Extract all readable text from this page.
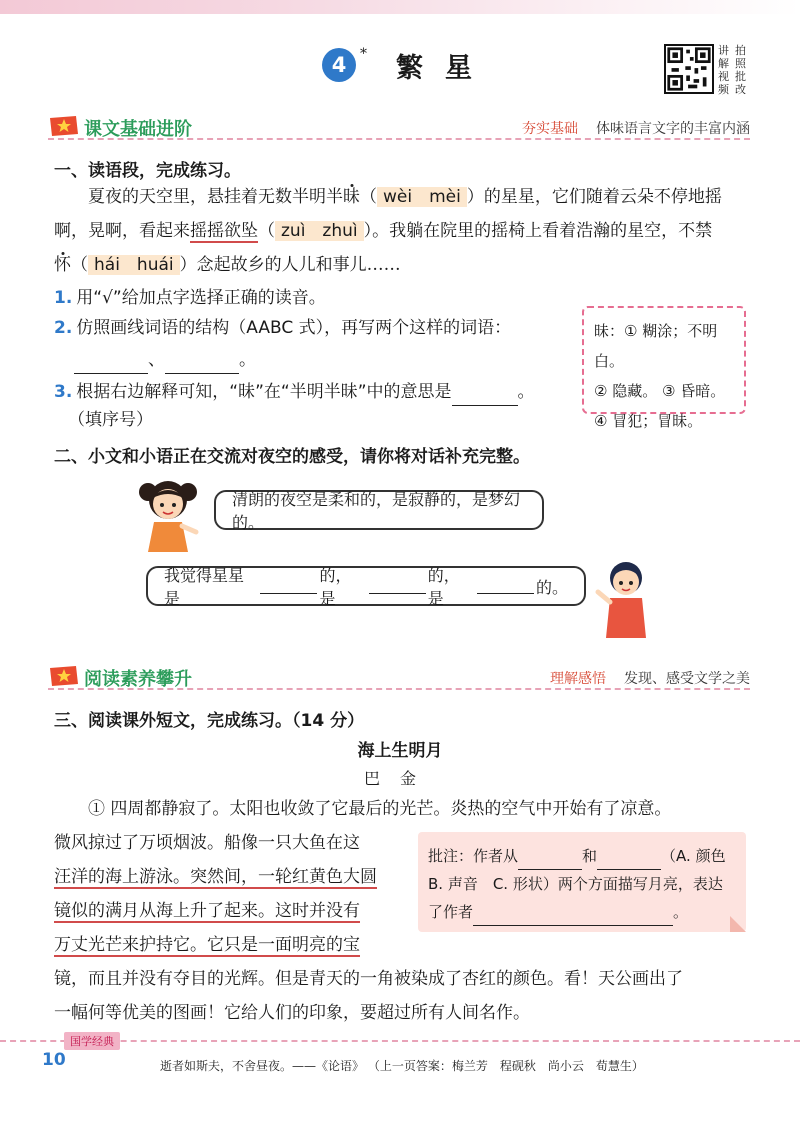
4 * 繁星
讲 拍
解 照
视 批
频 改
课文基础进阶	夯实基础 体味语言文字的丰富内涵
一、读语段，完成练习。
夏夜的天空里，悬挂着无数半明半昧（ wèi　mèi ）的星星，它们随着云朵不停地摇
啊，晃啊，看起来摇摇欲坠（ zuì　zhuì ）。我躺在院里的摇椅上看着浩瀚的星空，不禁
怀（ hái　huái ）念起故乡的人儿和事儿……
1. 用“√”给加点字选择正确的读音。
2. 仿照画线词语的结构（AABC 式），再写两个这样的词语：
、	。
3. 根据右边解释可知，“昧”在“半明半昧”中的意思是	。
（填序号）
昧：① 糊涂；不明白。
② 隐藏。 ③ 昏暗。
④ 冒犯；冒昧。
二、小文和小语正在交流对夜空的感受，请你将对话补充完整。
清朗的夜空是柔和的，是寂静的，是梦幻的。
我觉得星星是
的，是
的，是
的。
阅读素养攀升	理解感悟 发现、感受文学之美
三、阅读课外短文，完成练习。（14 分）
海上生明月
巴金
① 四周都静寂了。太阳也收敛了它最后的光芒。炎热的空气中开始有了凉意。
微风掠过了万顷烟波。船像一只大鱼在这
汪洋的海上游泳。突然间，一轮红黄色大圆
镜似的满月从海上升了起来。这时并没有
万丈光芒来护持它。它只是一面明亮的宝
镜，而且并没有夺目的光辉。但是青天的一角被染成了杏红的颜色。看！天公画出了
一幅何等优美的图画！它给人们的印象，要超过所有人间名作。
批注：作者从	和	（A. 颜色
B. 声音　C. 形状）两个方面描写月亮，表达
了作者	。
国学经典
10	逝者如斯夫，不舍昼夜。——《论语》 （上一页答案：梅兰芳　程砚秋　尚小云　荀慧生）
